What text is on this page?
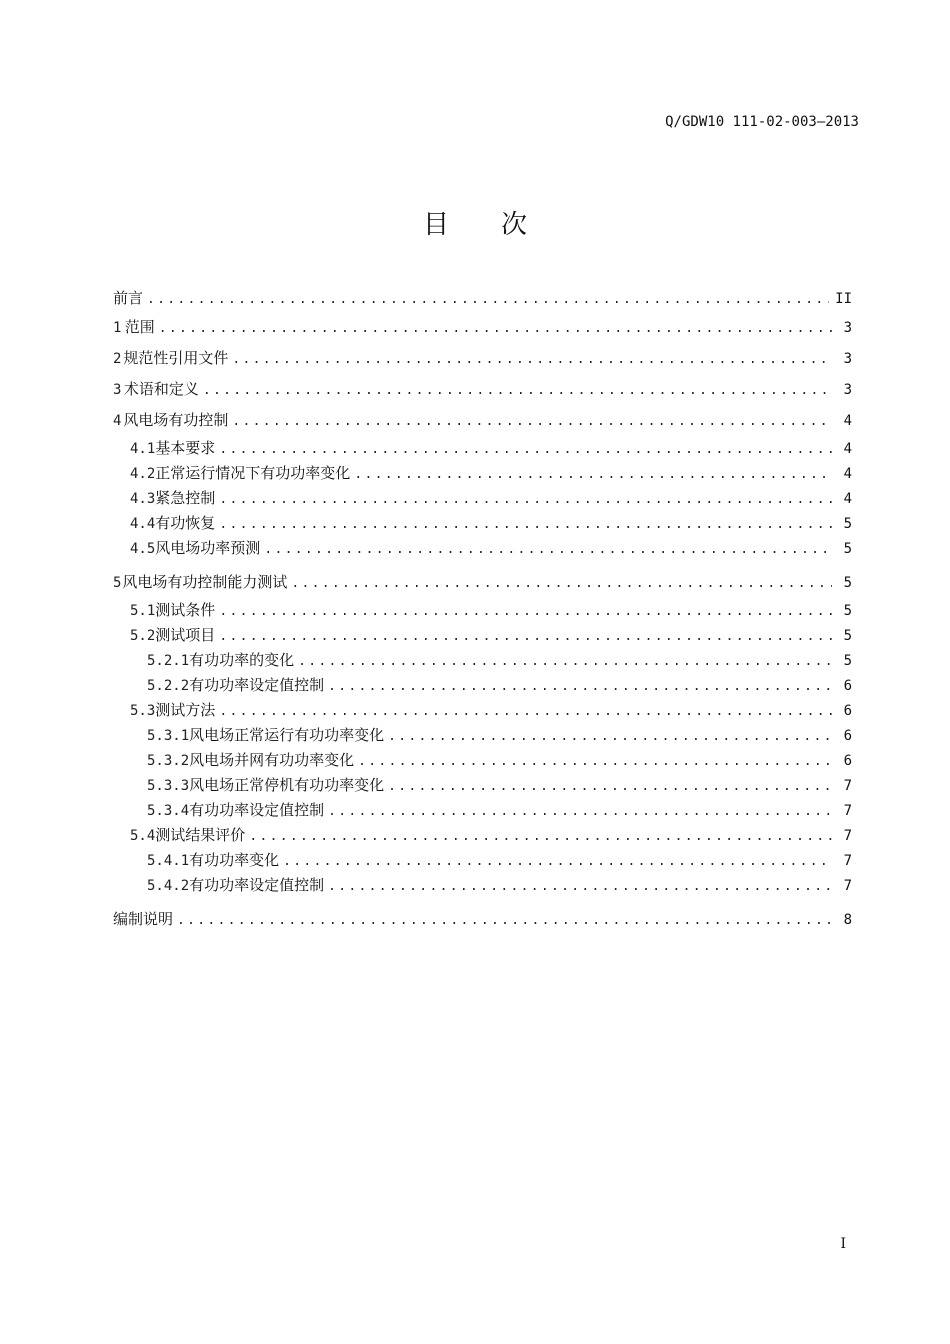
Q/GDW10 111-02-003—2013
目 次
前言 .....	II
1 范围 .....	3
2 规范性引用文件 .....	3
3 术语和定义 .....	3
4 风电场有功控制 .....	4
4.1 基本要求 .....	4
4.2 正常运行情况下有功功率变化 .....	4
4.3 紧急控制 .....	4
4.4 有功恢复 .....	5
4.5 风电场功率预测 .....	5
5 风电场有功控制能力测试 .....	5
5.1 测试条件 .....	5
5.2 测试项目 .....	5
5.2.1 有功功率的变化 .....	5
5.2.2 有功功率设定值控制 .....	6
5.3 测试方法 .....	6
5.3.1 风电场正常运行有功功率变化 .....	6
5.3.2 风电场并网有功功率变化 .....	6
5.3.3 风电场正常停机有功功率变化 .....	7
5.3.4 有功功率设定值控制 .....	7
5.4 测试结果评价 .....	7
5.4.1 有功功率变化 .....	7
5.4.2 有功功率设定值控制 .....	7
编制说明 .....	8
I
